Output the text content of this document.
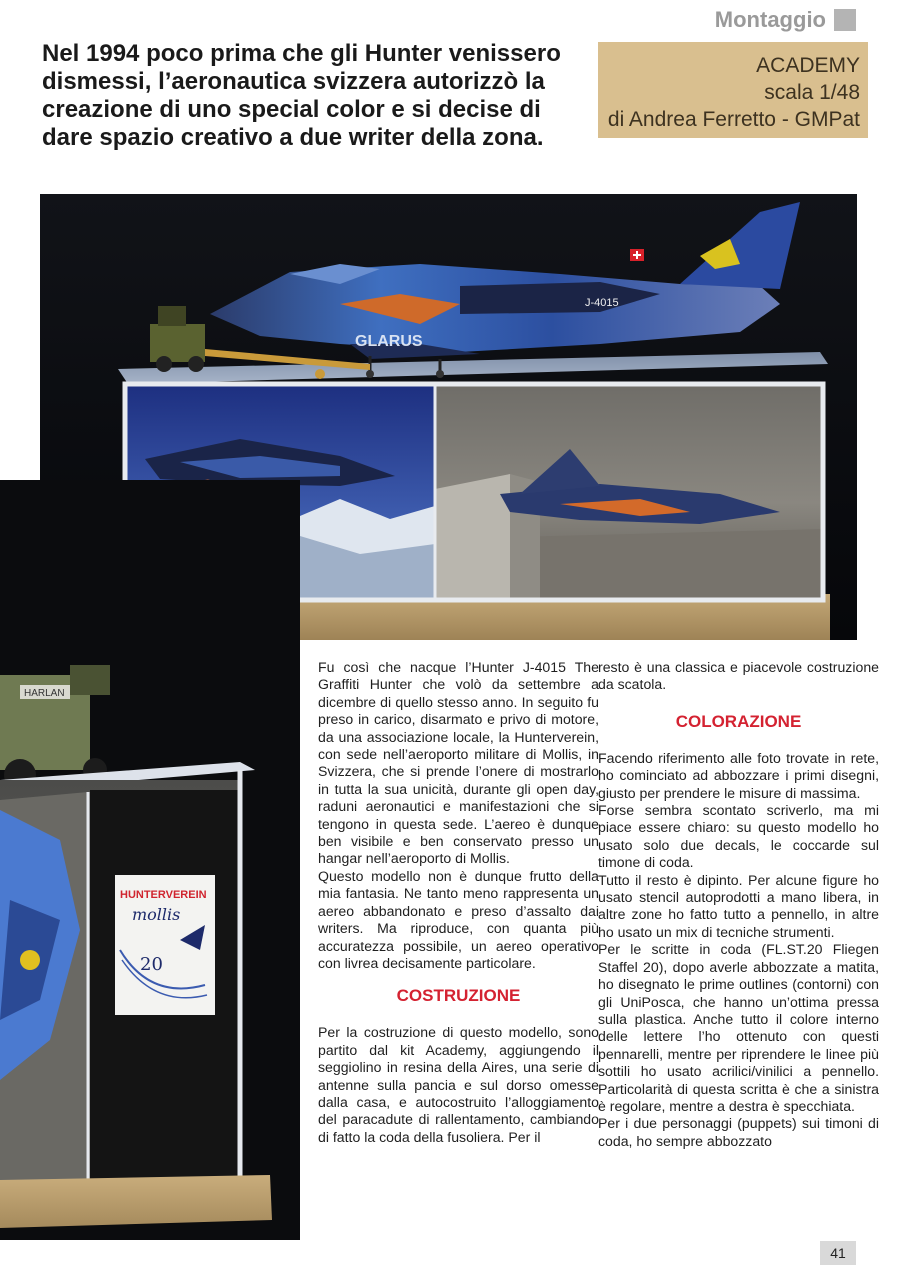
Montaggio
Nel 1994 poco prima che gli Hunter venissero dismessi, l’aeronautica svizzera autorizzò la creazione di uno special color e si decise di dare spazio creativo a due writer della zona.
ACADEMY
scala 1/48
di Andrea Ferretto - GMPat
GLARUS
J-4015
HARLAN
HUNTERVEREIN
mollis
20

Fu così che nacque l’Hunter J-4015 The Graffiti Hunter che volò da settembre a dicembre di quello stesso anno. In seguito fu preso in carico, disarmato e privo di motore, da una associazione locale, la Hunterverein, con sede nell’aeroporto militare di Mollis, in Svizzera, che si prende l’onere di mostrarlo in tutta la sua unicità, durante gli open day, raduni aeronautici e manifestazioni che si tengono in questa sede. L’aereo è dunque ben visibile e ben conservato presso un hangar nell’aeroporto di Mollis.

Questo modello non è dunque frutto della mia fantasia. Ne tanto meno rappresenta un aereo abbandonato e preso d’assalto dai writers. Ma riproduce, con quanta più accuratezza possibile, un aereo operativo con livrea decisamente particolare.

COSTRUZIONE

Per la costruzione di questo modello, sono partito dal kit Academy, aggiungendo il seggiolino in resina della Aires, una serie di antenne sulla pancia e sul dorso omesse dalla casa, e autocostruito l’alloggiamento del paracadute di rallentamento, cambiando di fatto la coda della fusoliera. Per il

resto è una classica e piacevole costruzione da scatola.

COLORAZIONE

Facendo riferimento alle foto trovate in rete, ho cominciato ad abbozzare i primi disegni, giusto per prendere le misure di massima.

Forse sembra scontato scriverlo, ma mi piace essere chiaro: su questo modello ho usato solo due decals, le coccarde sul timone di coda.

Tutto il resto è dipinto. Per alcune figure ho usato stencil autoprodotti a mano libera, in altre zone ho fatto tutto a pennello, in altre ho usato un mix di tecniche strumenti.

Per le scritte in coda (FL.ST.20 Fliegen Staffel 20), dopo averle abbozzate a matita, ho disegnato le prime outlines (contorni) con gli UniPosca, che hanno un’ottima pressa sulla plastica. Anche tutto il colore interno delle lettere l’ho ottenuto con questi pennarelli, mentre per riprendere le linee più sottili ho usato acrilici/vinilici a pennello. Particolarità di questa scritta è che a sinistra è regolare, mentre a destra è specchiata.

Per i due personaggi (puppets) sui timoni di coda, ho sempre abbozzato

41
